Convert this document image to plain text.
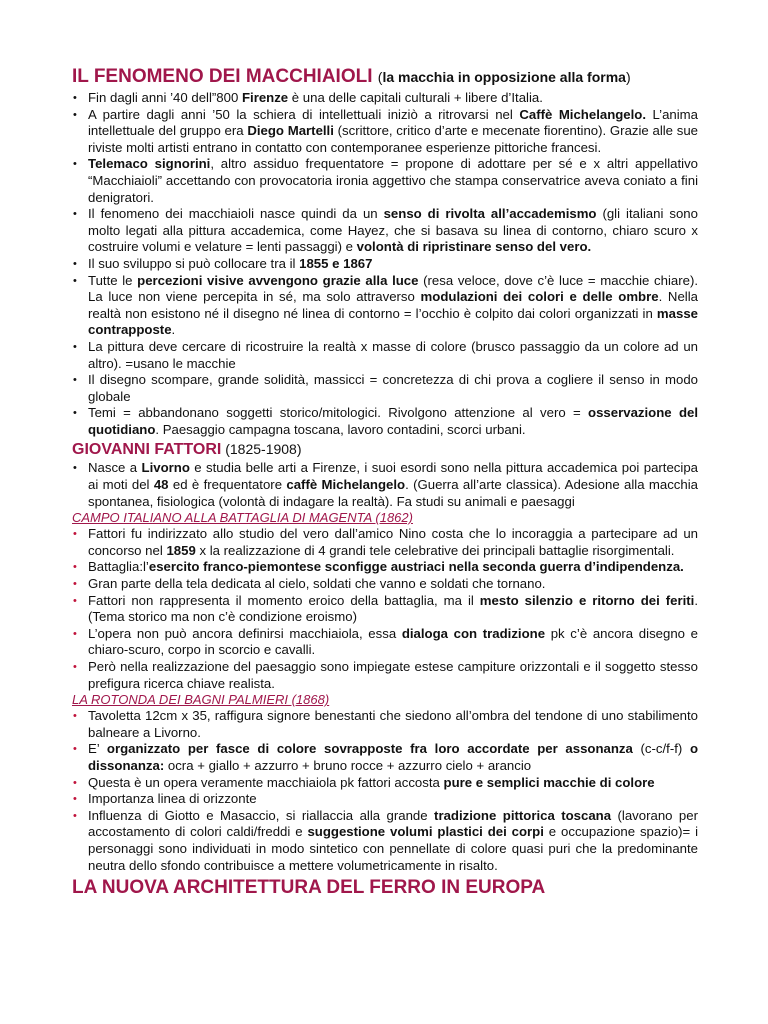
IL FENOMENO DEI MACCHIAIOLI (la macchia in opposizione alla forma)
• Fin dagli anni ’40 dell”800 Firenze è una delle capitali culturali + libere d’Italia.
• A partire dagli anni ’50 la schiera di intellettuali iniziò a ritrovarsi nel Caffè Michelangelo. L’anima intellettuale del gruppo era Diego Martelli (scrittore, critico d’arte e mecenate fiorentino). Grazie alle sue riviste molti artisti entrano in contatto con contemporanee esperienze pittoriche francesi.
• Telemaco signorini, altro assiduo frequentatore = propone di adottare per sé e x altri appellativo “Macchiaioli” accettando con provocatoria ironia aggettivo che stampa conservatrice aveva coniato a fini denigratori.
• Il fenomeno dei macchiaioli nasce quindi da un senso di rivolta all’accademismo (gli italiani sono molto legati alla pittura accademica, come Hayez, che si basava su linea di contorno, chiaro scuro x costruire volumi e velature = lenti passaggi) e volontà di ripristinare senso del vero.
• Il suo sviluppo si può collocare tra il 1855 e 1867
• Tutte le percezioni visive avvengono grazie alla luce (resa veloce, dove c’è luce = macchie chiare). La luce non viene percepita in sé, ma solo attraverso modulazioni dei colori e delle ombre. Nella realtà non esistono né il disegno né linea di contorno = l’occhio è colpito dai colori organizzati in masse contrapposte.
• La pittura deve cercare di ricostruire la realtà x masse di colore (brusco passaggio da un colore ad un altro). =usano le macchie
• Il disegno scompare, grande solidità, massicci = concretezza di chi prova a cogliere il senso in modo globale
• Temi = abbandonano soggetti storico/mitologici. Rivolgono attenzione al vero = osservazione del quotidiano. Paesaggio campagna toscana, lavoro contadini, scorci urbani.
GIOVANNI FATTORI (1825-1908)
• Nasce a Livorno e studia belle arti a Firenze, i suoi esordi sono nella pittura accademica poi partecipa ai moti del 48 ed è frequentatore caffè Michelangelo. (Guerra all’arte classica). Adesione alla macchia spontanea, fisiologica (volontà di indagare la realtà). Fa studi su animali e paesaggi

CAMPO ITALIANO ALLA BATTAGLIA DI MAGENTA (1862)

• Fattori fu indirizzato allo studio del vero dall’amico Nino costa che lo incoraggia a partecipare ad un concorso nel 1859 x la realizzazione di 4 grandi tele celebrative dei principali battaglie risorgimentali.
• Battaglia:l’esercito franco-piemontese sconfigge austriaci nella seconda guerra d’indipendenza.
• Gran parte della tela dedicata al cielo, soldati che vanno e soldati che tornano.
• Fattori non rappresenta il momento eroico della battaglia, ma il mesto silenzio e ritorno dei feriti. (Tema storico ma non c’è condizione eroismo)
• L’opera non può ancora definirsi macchiaiola, essa dialoga con tradizione pk c’è ancora disegno e chiaro-scuro, corpo in scorcio e cavalli.
• Però nella realizzazione del paesaggio sono impiegate estese campiture orizzontali e il soggetto stesso prefigura ricerca chiave realista.

LA ROTONDA DEI BAGNI PALMIERI (1868)

• Tavoletta 12cm x 35, raffigura signore benestanti che siedono all’ombra del tendone di uno stabilimento balneare a Livorno.
• E’ organizzato per fasce di colore sovrapposte fra loro accordate per assonanza (c-c/f-f) o dissonanza: ocra + giallo + azzurro + bruno rocce + azzurro cielo + arancio
• Questa è un opera veramente macchiaiola pk fattori accosta pure e semplici macchie di colore
• Importanza linea di orizzonte
• Influenza di Giotto e Masaccio, si riallaccia alla grande tradizione pittorica toscana (lavorano per accostamento di colori caldi/freddi e suggestione volumi plastici dei corpi e occupazione spazio)= i personaggi sono individuati in modo sintetico con pennellate di colore quasi puri che la predominante neutra dello sfondo contribuisce a mettere volumetricamente in risalto.
LA NUOVA ARCHITETTURA DEL FERRO IN EUROPA
